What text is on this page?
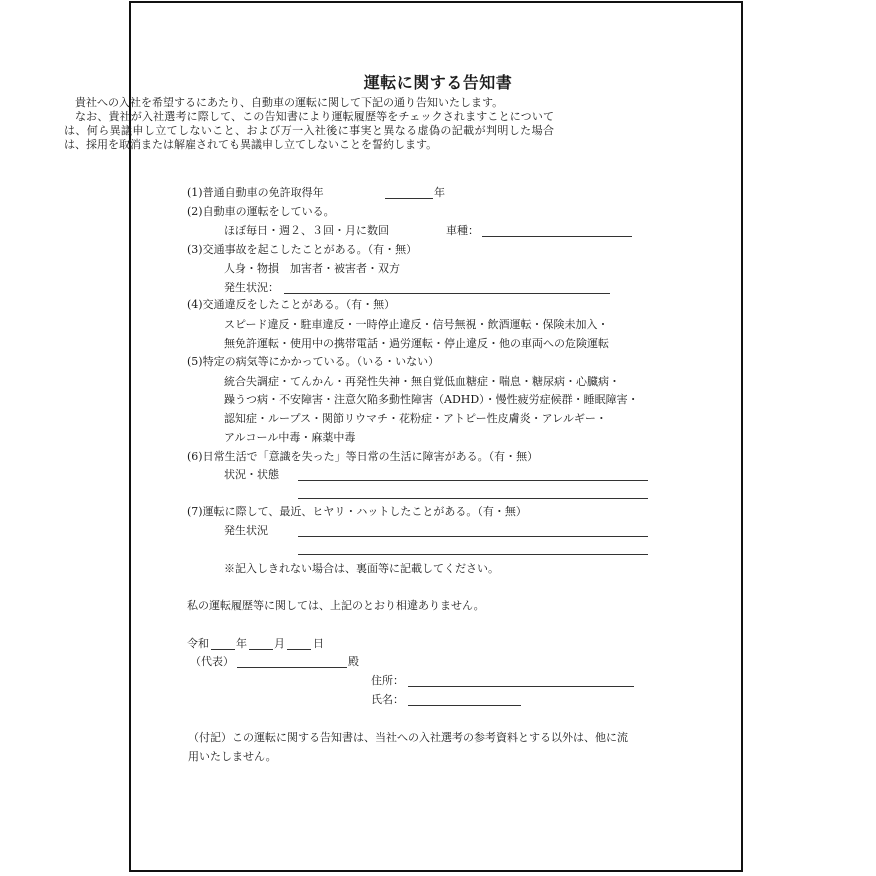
運転に関する告知書

貴社への入社を希望するにあたり、自動車の運転に関して下記の通り告知いたします。

なお、貴社が入社選考に際して、この告知書により運転履歴等をチェックされますことについては、何ら異議申し立てしないこと、および万一入社後に事実と異なる虚偽の記載が判明した場合は、採用を取消または解雇されても異議申し立てしないことを誓約します。

(1)普通自動車の免許取得年	年
(2)自動車の運転をしている。
ほぼ毎日・週２、３回・月に数回	車種：
(3)交通事故を起こしたことがある。（有・無）
人身・物損　加害者・被害者・双方
発生状況：
(4)交通違反をしたことがある。（有・無）
スピード違反・駐車違反・一時停止違反・信号無視・飲酒運転・保険未加入・
無免許運転・使用中の携帯電話・過労運転・停止違反・他の車両への危険運転
(5)特定の病気等にかかっている。（いる・いない）
統合失調症・てんかん・再発性失神・無自覚低血糖症・喘息・糖尿病・心臓病・
躁うつ病・不安障害・注意欠陥多動性障害（ADHD）・慢性疲労症候群・睡眠障害・
認知症・ループス・関節リウマチ・花粉症・アトピー性皮膚炎・アレルギー・
アルコール中毒・麻薬中毒
(6)日常生活で「意識を失った」等日常の生活に障害がある。（有・無）
状況・状態
(7)運転に際して、最近、ヒヤリ・ハットしたことがある。（有・無）
発生状況
※記入しきれない場合は、裏面等に記載してください。
私の運転履歴等に関しては、上記のとおり相違ありません。
令和 年 月	日
（代表）	殿
住所：
氏名：
（付記）この運転に関する告知書は、当社への入社選考の参考資料とする以外は、他に流
用いたしません。
